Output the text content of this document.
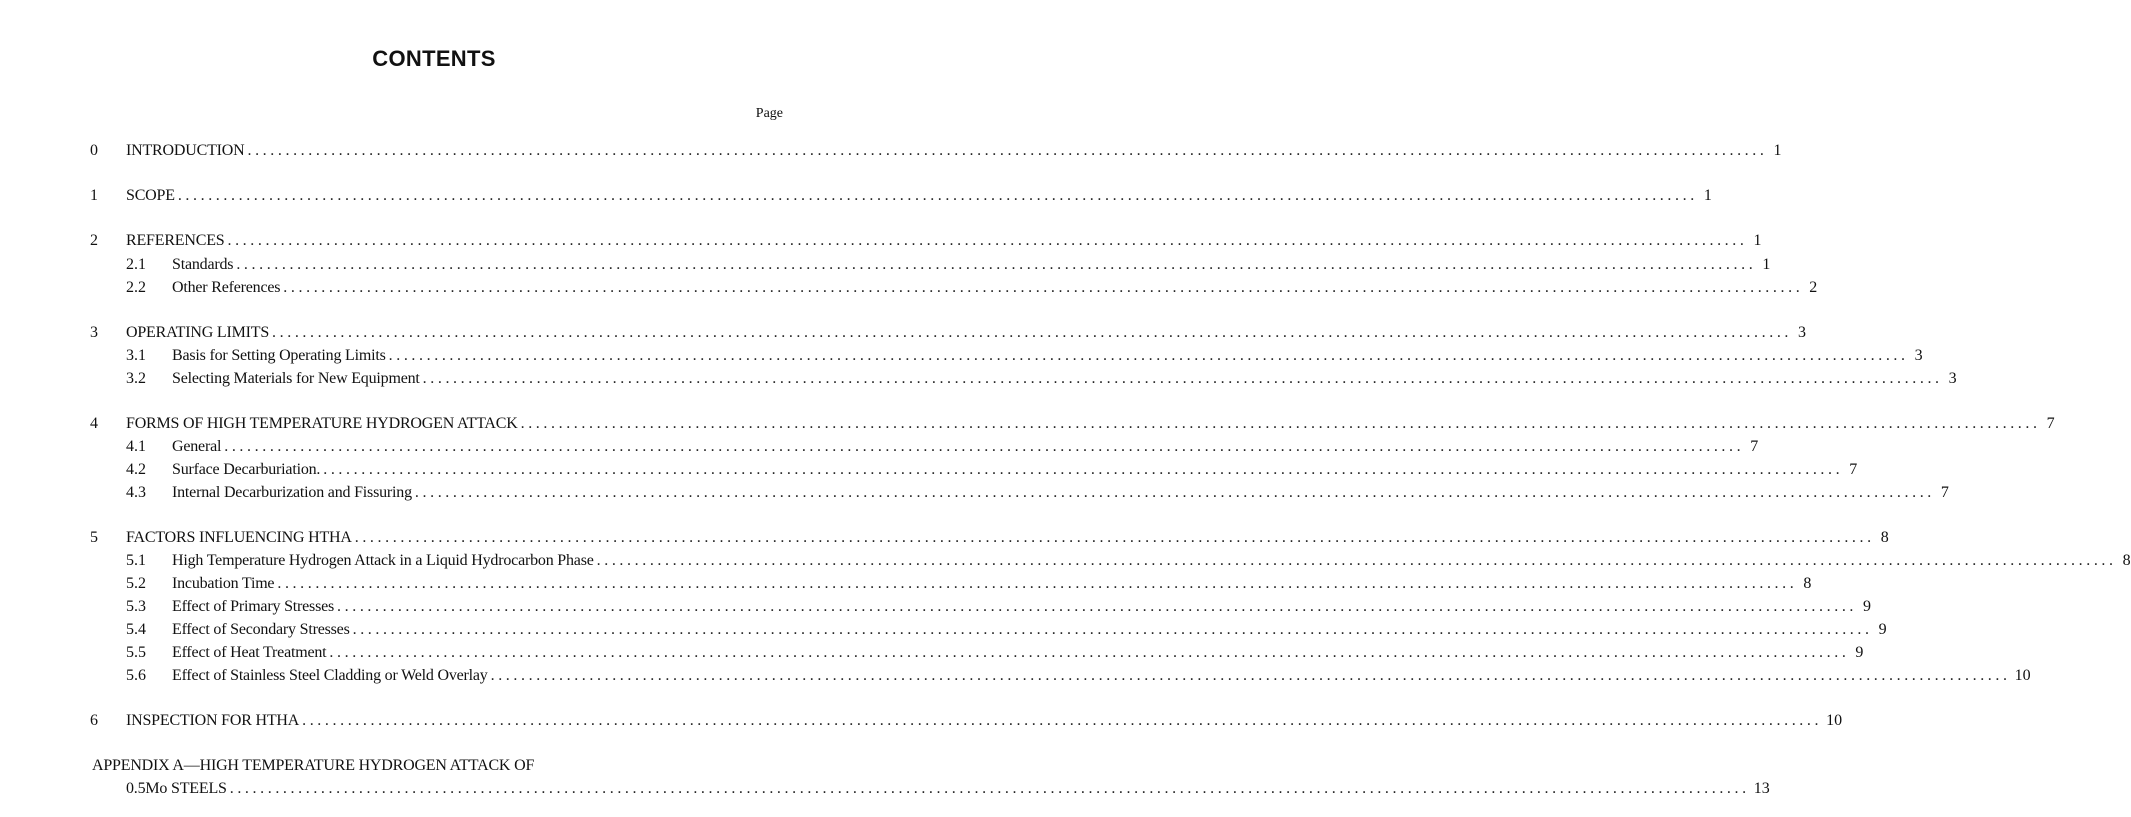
CONTENTS
Page
0	INTRODUCTION ........................................................................................................................................................................................................ 1
1	SCOPE ........................................................................................................................................................................................................ 1
2	REFERENCES ........................................................................................................................................................................................................ 1
2.1	Standards ........................................................................................................................................................................................................ 1
2.2	Other References ........................................................................................................................................................................................................ 2
3	OPERATING LIMITS ........................................................................................................................................................................................................ 3
3.1	Basis for Setting Operating Limits ........................................................................................................................................................................................................ 3
3.2	Selecting Materials for New Equipment ........................................................................................................................................................................................................ 3
4	FORMS OF HIGH TEMPERATURE HYDROGEN ATTACK ........................................................................................................................................................................................................ 7
4.1	General ........................................................................................................................................................................................................ 7
4.2	Surface Decarburiation. ........................................................................................................................................................................................................ 7
4.3	Internal Decarburization and Fissuring ........................................................................................................................................................................................................ 7
5	FACTORS INFLUENCING HTHA ........................................................................................................................................................................................................ 8
5.1	High Temperature Hydrogen Attack in a Liquid Hydrocarbon Phase ........................................................................................................................................................................................................ 8
5.2	Incubation Time ........................................................................................................................................................................................................ 8
5.3	Effect of Primary Stresses ........................................................................................................................................................................................................ 9
5.4	Effect of Secondary Stresses ........................................................................................................................................................................................................ 9
5.5	Effect of Heat Treatment ........................................................................................................................................................................................................ 9
5.6	Effect of Stainless Steel Cladding or Weld Overlay ........................................................................................................................................................................................................ 10
6	INSPECTION FOR HTHA ........................................................................................................................................................................................................ 10
APPENDIX A—HIGH TEMPERATURE HYDROGEN ATTACK OF
0.5Mo STEELS ........................................................................................................................................................................................................ 13
